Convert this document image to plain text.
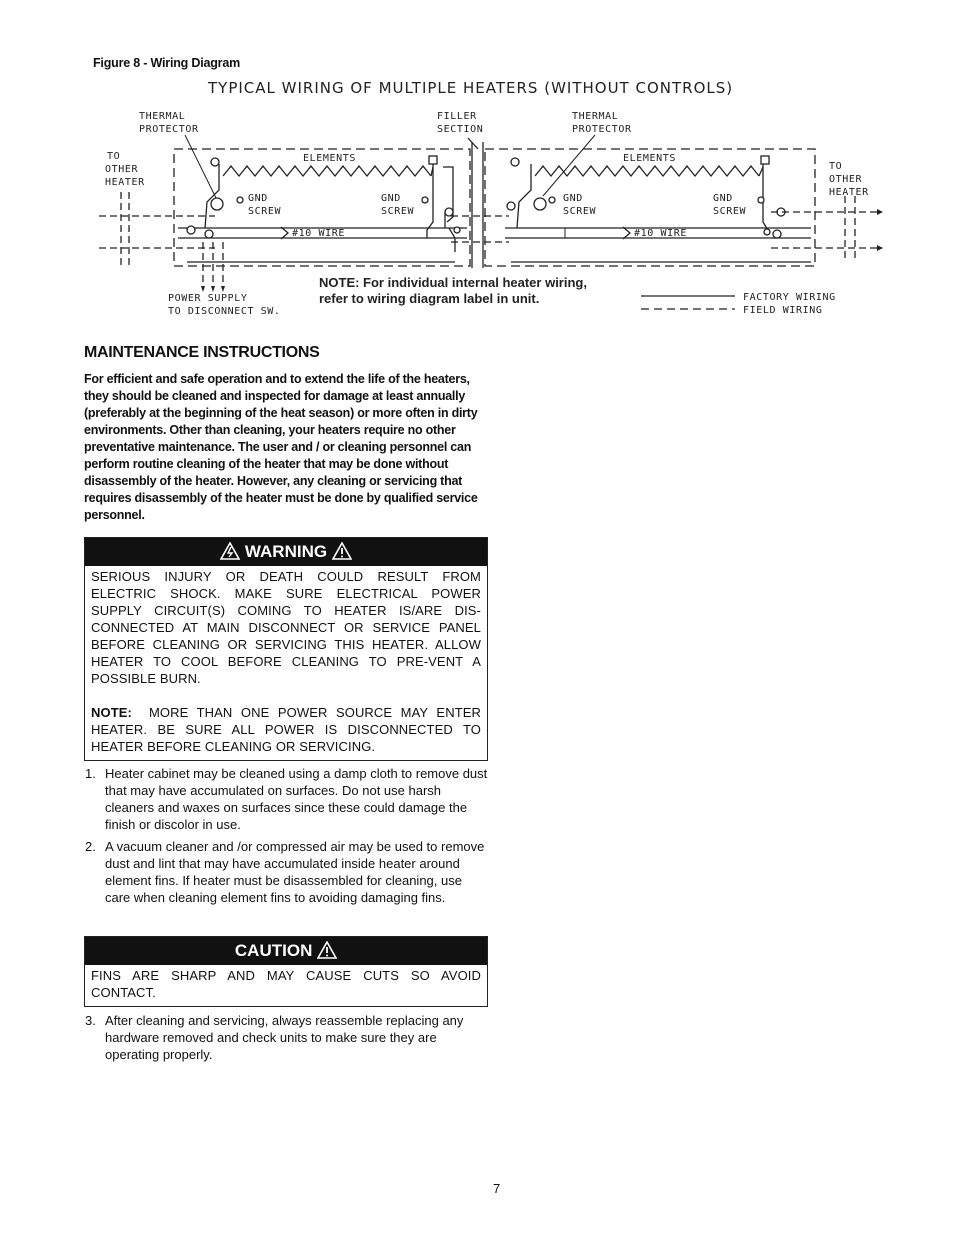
Figure 8 - Wiring Diagram
TYPICAL WIRING OF MULTIPLE HEATERS (WITHOUT CONTROLS)
THERMAL
PROTECTOR
FILLER
SECTION
THERMAL
PROTECTOR
TO
OTHER
HEATER
TO
OTHER
HEATER
ELEMENTS	ELEMENTS
GND
SCREW
GND
SCREW
GND
SCREW
GND
SCREW
#10 WIRE	#10 WIRE
POWER SUPPLY
TO DISCONNECT SW.
NOTE: For individual internal heater wiring,
refer to wiring diagram label in unit.	FACTORY WIRING
FIELD WIRING
MAINTENANCE INSTRUCTIONS
For efficient and safe operation and to extend the life of the heaters, they should be cleaned and inspected for damage at least annually (preferably at the beginning of the heat season) or more often in dirty environments. Other than cleaning, your heaters require no other preventative maintenance. The user and / or cleaning personnel can perform routine cleaning of the heater that may be done without disassembly of the heater. However, any cleaning or servicing that requires disassembly of the heater must be done by qualified service personnel.
WARNING
SERIOUS INJURY OR DEATH COULD RESULT FROM ELECTRIC SHOCK. MAKE SURE ELECTRICAL POWER SUPPLY CIRCUIT(S) COMING TO HEATER IS/ARE DIS-CONNECTED AT MAIN DISCONNECT OR SERVICE PANEL BEFORE CLEANING OR SERVICING THIS HEATER. ALLOW HEATER TO COOL BEFORE CLEANING TO PRE-VENT A POSSIBLE BURN.
NOTE: MORE THAN ONE POWER SOURCE MAY ENTER HEATER. BE SURE ALL POWER IS DISCONNECTED TO HEATER BEFORE CLEANING OR SERVICING.
1. Heater cabinet may be cleaned using a damp cloth to remove dust that may have accumulated on surfaces. Do not use harsh cleaners and waxes on surfaces since these could damage the finish or discolor in use.
2. A vacuum cleaner and /or compressed air may be used to remove dust and lint that may have accumulated inside heater around element fins. If heater must be disassembled for cleaning, use care when cleaning element fins to avoiding damaging fins.
CAUTION
FINS ARE SHARP AND MAY CAUSE CUTS SO AVOID CONTACT.
3. After cleaning and servicing, always reassemble replacing any hardware removed and check units to make sure they are operating properly.
7
